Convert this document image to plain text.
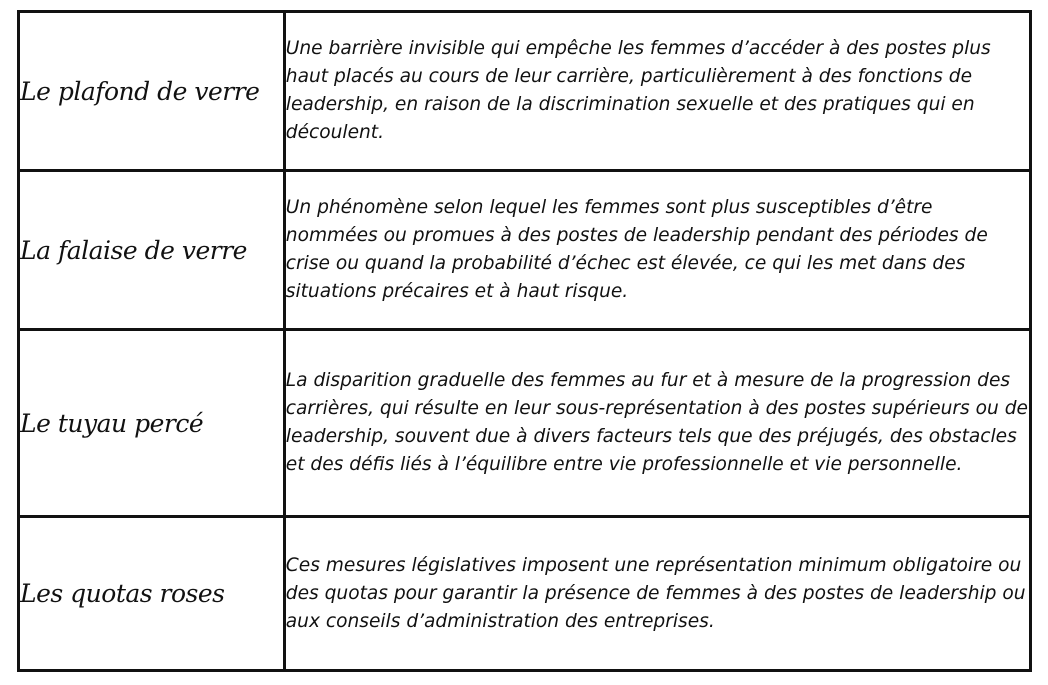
Le plafond de verre	Une barrière invisible qui empêche les femmes d’accéder à des postes plus haut placés au cours de leur carrière, particulièrement à des fonctions de leadership, en raison de la discrimination sexuelle et des pratiques qui en découlent.
La falaise de verre	Un phénomène selon lequel les femmes sont plus susceptibles d’être nommées ou promues à des postes de leadership pendant des périodes de crise ou quand la probabilité d’échec est élevée, ce qui les met dans des situations précaires et à haut risque.
Le tuyau percé	La disparition graduelle des femmes au fur et à mesure de la progression des carrières, qui résulte en leur sous-représentation à des postes supérieurs ou de leadership, souvent due à divers facteurs tels que des préjugés, des obstacles et des défis liés à l’équilibre entre vie professionnelle et vie personnelle.
Les quotas roses	Ces mesures législatives imposent une représentation minimum obligatoire ou des quotas pour garantir la présence de femmes à des postes de leadership ou aux conseils d’administration des entreprises.
